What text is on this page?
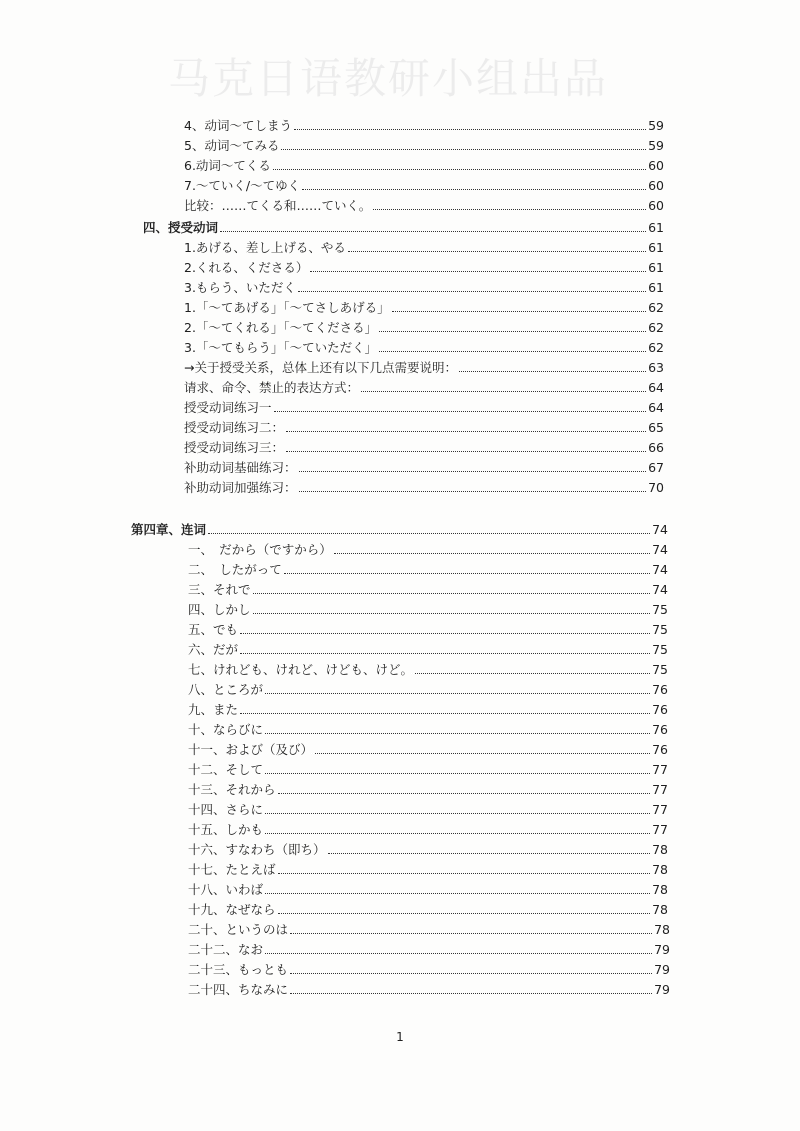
马克日语教研小组出品
4、动词～てしまう	59
5、动词～てみる	59
6.动词～てくる	60
7.～ていく/～てゆく	60
比较：……てくる和……ていく。	60
四、授受动词	61
1.あげる、差し上げる、やる	61
2.くれる、くださる）	61
3.もらう、いただく	61
1.「～てあげる」「～てさしあげる」	62
2.「～てくれる」「～てくださる」	62
3.「～てもらう」「～ていただく」	62
→关于授受关系，总体上还有以下几点需要说明：	63
请求、命令、禁止的表达方式：	64
授受动词练习一	64
授受动词练习二：	65
授受动词练习三：	66
补助动词基础练习：	67
补助动词加强练习：	70
第四章、连词	74
一、　だから（ですから）	74
二、　したがって	74
三、それで	74
四、しかし	75
五、でも	75
六、だが	75
七、けれども、けれど、けども、けど。	75
八、ところが	76
九、また	76
十、ならびに	76
十一、および（及び）	76
十二、そして	77
十三、それから	77
十四、さらに	77
十五、しかも	77
十六、すなわち（即ち）	78
十七、たとえば	78
十八、いわば	78
十九、なぜなら	78
二十、というのは	78
二十二、なお	79
二十三、もっとも	79
二十四、ちなみに	79
1
